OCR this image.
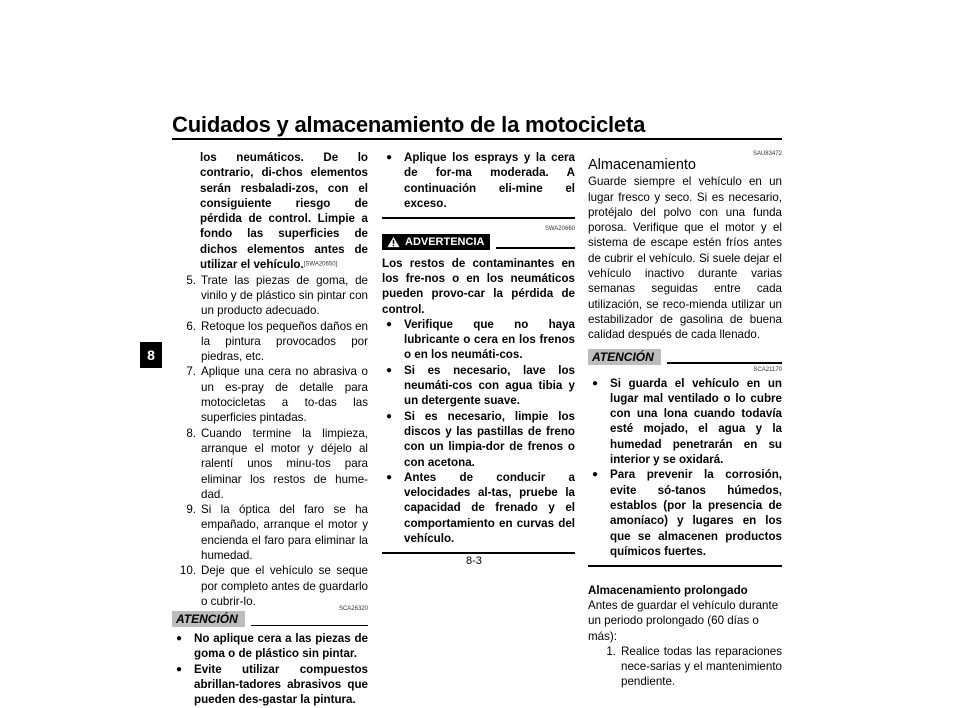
Cuidados y almacenamiento de la motocicleta
8
los neumáticos. De lo contrario, di-chos elementos serán resbaladi-zos, con el consiguiente riesgo de pérdida de control. Limpie a fondo las superficies de dichos elementos antes de utilizar el vehículo.[SWA20650]
5. Trate las piezas de goma, de vinilo y de plástico sin pintar con un producto adecuado.
6. Retoque los pequeños daños en la pintura provocados por piedras, etc.
7. Aplique una cera no abrasiva o un es-pray de detalle para motocicletas a to-das las superficies pintadas.
8. Cuando termine la limpieza, arranque el motor y déjelo al ralentí unos minu-tos para eliminar los restos de hume-dad.
9. Si la óptica del faro se ha empañado, arranque el motor y encienda el faro para eliminar la humedad.
10. Deje que el vehículo se seque por completo antes de guardarlo o cubrir-lo.
ATENCIÓN
SCA26320
●	No aplique cera a las piezas de goma o de plástico sin pintar.
●	Evite utilizar compuestos abrillan-tadores abrasivos que pueden des-gastar la pintura.
●	Aplique los esprays y la cera de for-ma moderada. A continuación eli-mine el exceso.
SWA20660
ADVERTENCIA
Los restos de contaminantes en los fre-nos o en los neumáticos pueden provo-car la pérdida de control.
●	Verifique que no haya lubricante o cera en los frenos o en los neumáti-cos.
●	Si es necesario, lave los neumáti-cos con agua tibia y un detergente suave.
●	Si es necesario, limpie los discos y las pastillas de freno con un limpia-dor de frenos o con acetona.
●	Antes de conducir a velocidades al-tas, pruebe la capacidad de frenado y el comportamiento en curvas del vehículo.
SAU83472
Almacenamiento
Guarde siempre el vehículo en un lugar fresco y seco. Si es necesario, protéjalo del polvo con una funda porosa. Verifique que el motor y el sistema de escape estén fríos antes de cubrir el vehículo. Si suele dejar el vehículo inactivo durante varias semanas seguidas entre cada utilización, se reco-mienda utilizar un estabilizador de gasolina de buena calidad después de cada llenado.
ATENCIÓN
SCA21170
●	Si guarda el vehículo en un lugar mal ventilado o lo cubre con una lona cuando todavía esté mojado, el agua y la humedad penetrarán en su interior y se oxidará.
●	Para prevenir la corrosión, evite só-tanos húmedos, establos (por la presencia de amoníaco) y lugares en los que se almacenen productos químicos fuertes.
Almacenamiento prolongado
Antes de guardar el vehículo durante un periodo prolongado (60 días o más):
1. Realice todas las reparaciones nece-sarias y el mantenimiento pendiente.
8-3
